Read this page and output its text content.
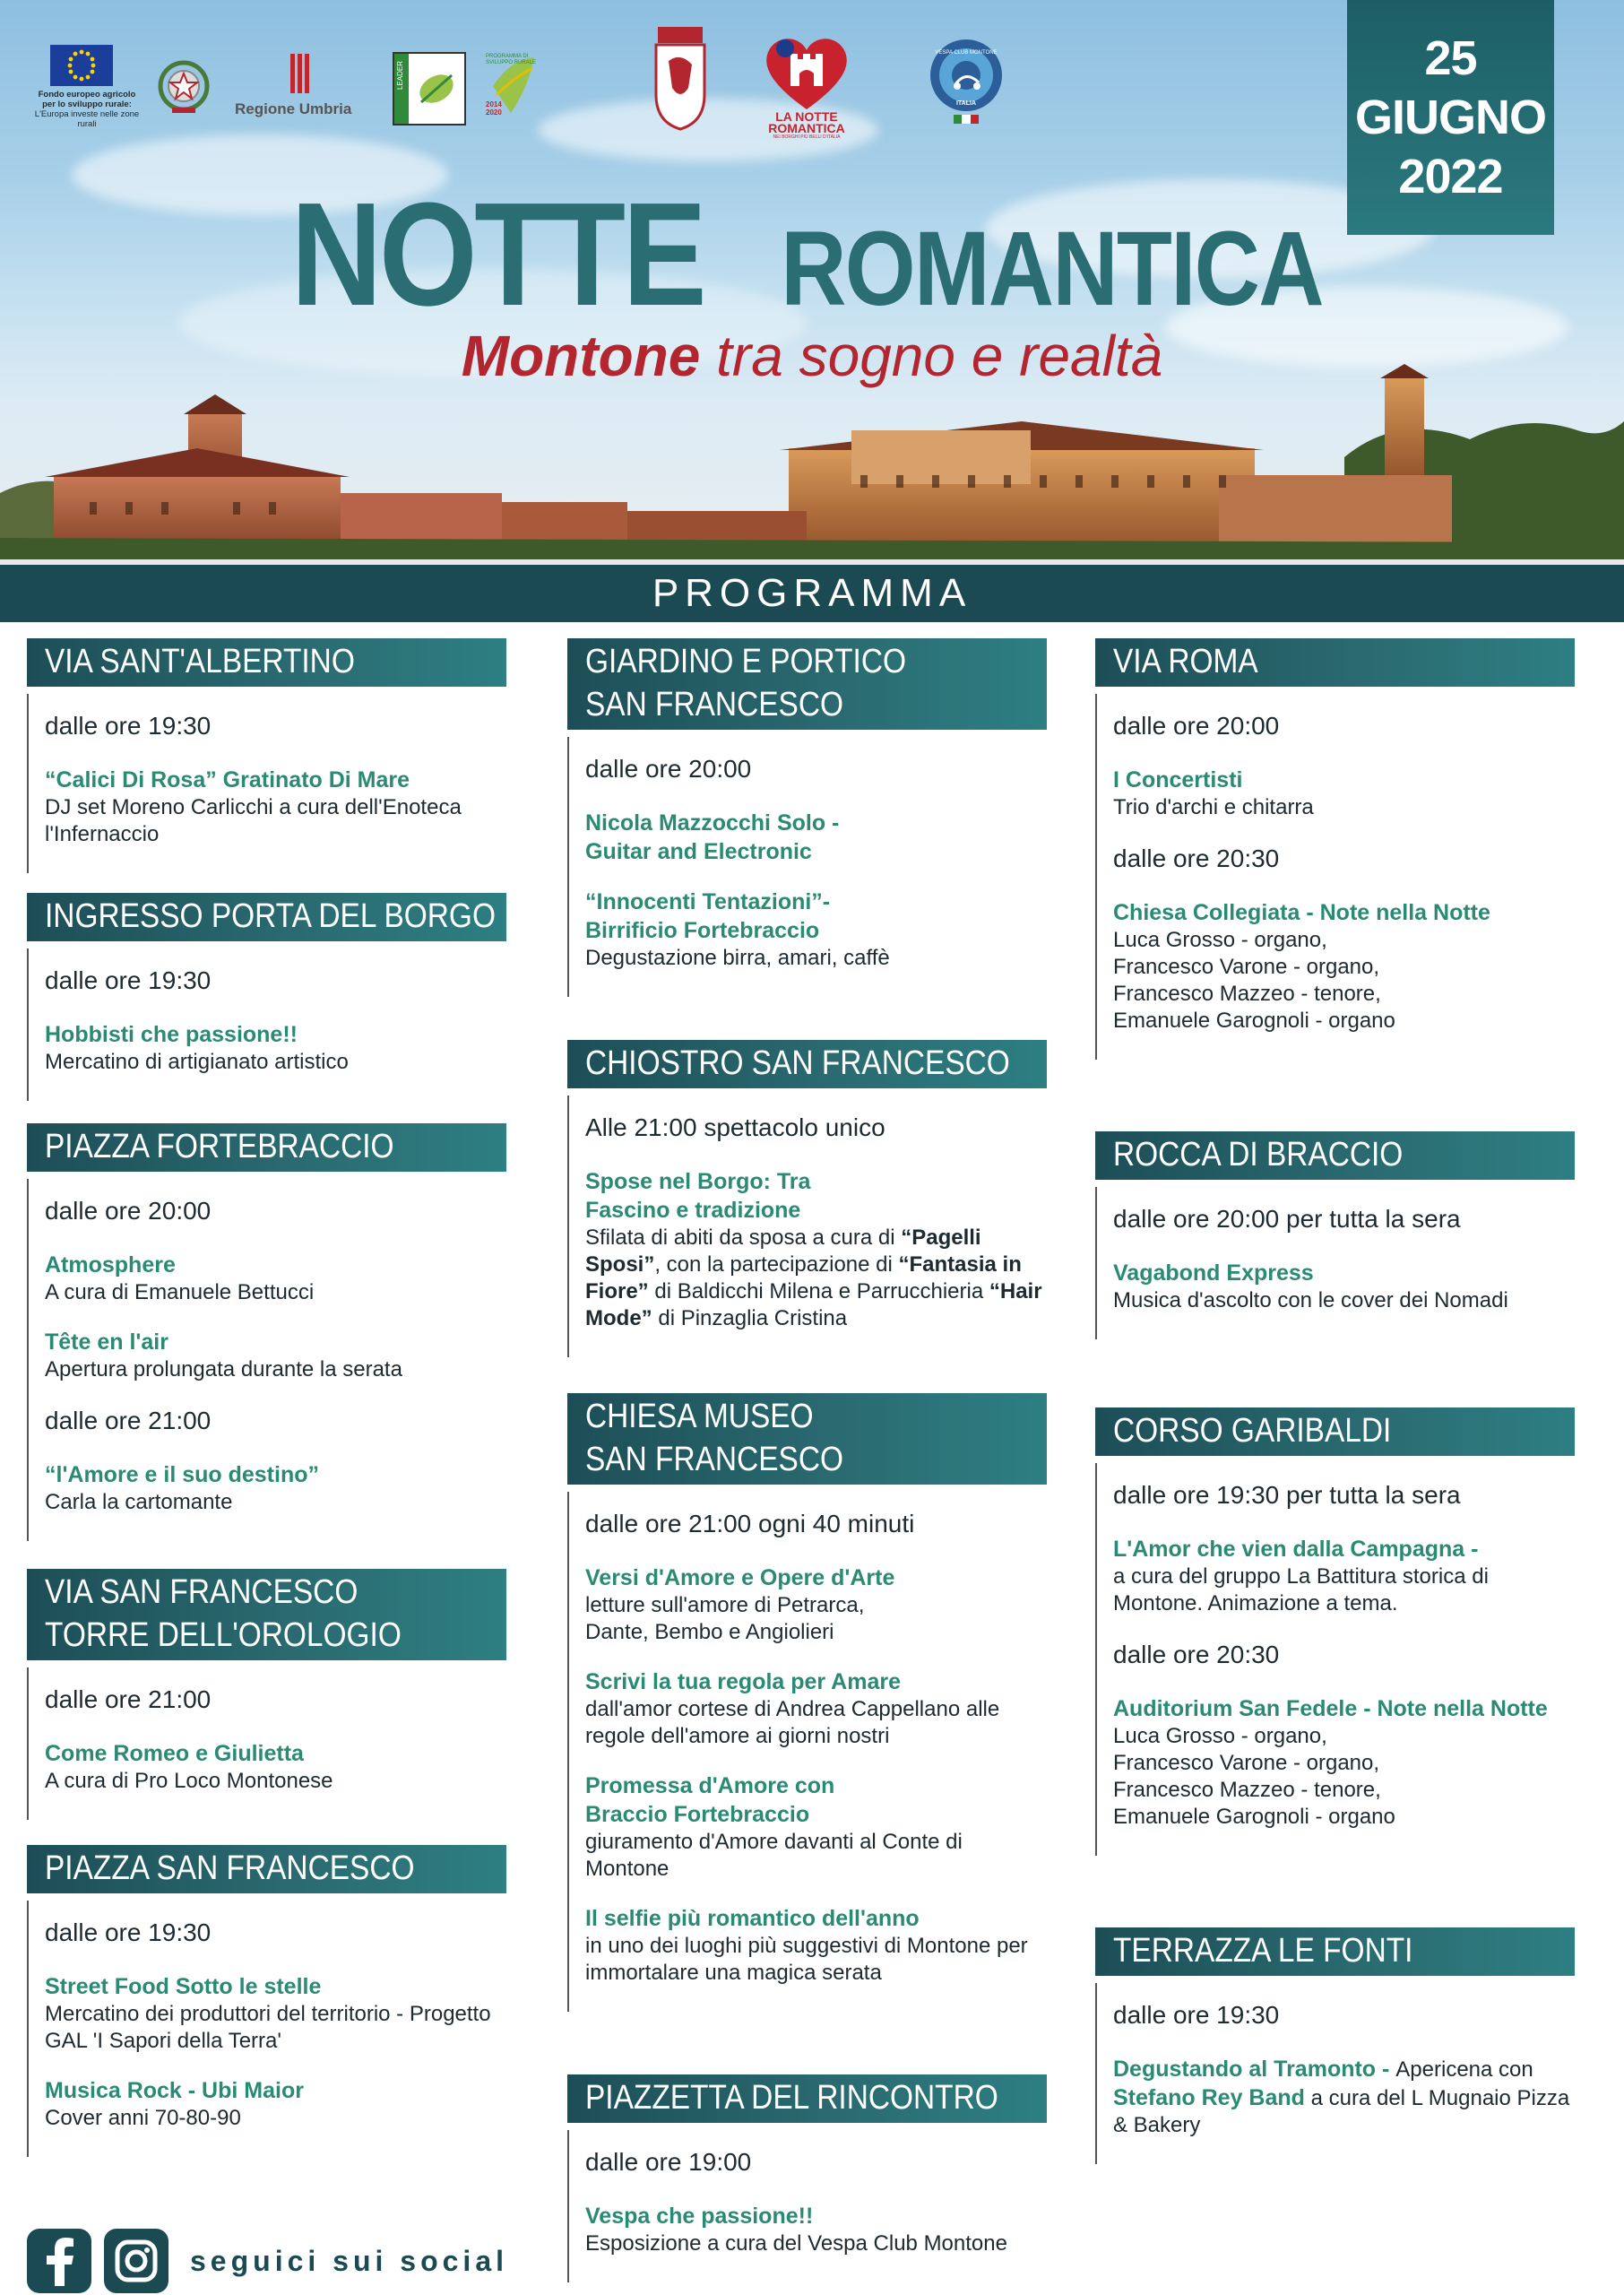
Fondo europeo agricolo
per lo sviluppo rurale:
L'Europa investe nelle zone rurali
Regione Umbria
LEADER
PROGRAMMA DI
SVILUPPO RURALE
2014
2020	LA NOTTE
ROMANTICA
NEI BORGHI PIÙ BELLI D'ITALIA
VESPA CLUB MONTONE
ITALIA
25
GIUGNO
2022
NOTTE ROMANTICA
Montone tra sogno e realtà
PROGRAMMA
VIA SANT'ALBERTINO
dalle ore 19:30
“Calici Di Rosa” Gratinato Di Mare
DJ set Moreno Carlicchi a cura dell'Enoteca l'Infernaccio
INGRESSO PORTA DEL BORGO
dalle ore 19:30
Hobbisti che passione!!
Mercatino di artigianato artistico
PIAZZA FORTEBRACCIO
dalle ore 20:00
Atmosphere
A cura di Emanuele Bettucci
Tête en l'air
Apertura prolungata durante la serata
dalle ore 21:00
“l'Amore e il suo destino”
Carla la cartomante
VIA SAN FRANCESCO
TORRE DELL'OROLOGIO
dalle ore 21:00
Come Romeo e Giulietta
A cura di Pro Loco Montonese
PIAZZA SAN FRANCESCO
dalle ore 19:30
Street Food Sotto le stelle
Mercatino dei produttori del territorio - Progetto GAL 'I Sapori della Terra'
Musica Rock - Ubi Maior
Cover anni 70-80-90
GIARDINO E PORTICO
SAN FRANCESCO
dalle ore 20:00
Nicola Mazzocchi Solo - Guitar and Electronic
“Innocenti Tentazioni”- Birrificio Fortebraccio
Degustazione birra, amari, caffè
CHIOSTRO SAN FRANCESCO
Alle 21:00 spettacolo unico
Spose nel Borgo: Tra Fascino e tradizione
Sfilata di abiti da sposa a cura di “Pagelli Sposi”, con la partecipazione di “Fantasia in Fiore” di Baldicchi Milena e Parrucchieria “Hair Mode” di Pinzaglia Cristina
CHIESA MUSEO
SAN FRANCESCO
dalle ore 21:00 ogni 40 minuti
Versi d'Amore e Opere d'Arte
letture sull'amore di Petrarca, Dante, Bembo e Angiolieri
Scrivi la tua regola per Amare
dall'amor cortese di Andrea Cappellano alle regole dell'amore ai giorni nostri
Promessa d'Amore con Braccio Fortebraccio
giuramento d'Amore davanti al Conte di Montone
Il selfie più romantico dell'anno
in uno dei luoghi più suggestivi di Montone per immortalare una magica serata
PIAZZETTA DEL RINCONTRO
dalle ore 19:00
Vespa che passione!!
Esposizione a cura del Vespa Club Montone
VIA ROMA
dalle ore 20:00
I Concertisti
Trio d'archi e chitarra
dalle ore 20:30
Chiesa Collegiata - Note nella Notte
Luca Grosso - organo, Francesco Varone - organo, Francesco Mazzeo - tenore, Emanuele Garognoli - organo
ROCCA DI BRACCIO
dalle ore 20:00 per tutta la sera
Vagabond Express
Musica d'ascolto con le cover dei Nomadi
CORSO GARIBALDI
dalle ore 19:30 per tutta la sera
L'Amor che vien dalla Campagna -
a cura del gruppo La Battitura storica di Montone. Animazione a tema.
dalle ore 20:30
Auditorium San Fedele - Note nella Notte
Luca Grosso - organo, Francesco Varone - organo, Francesco Mazzeo - tenore, Emanuele Garognoli - organo
TERRAZZA LE FONTI
dalle ore 19:30
Degustando al Tramonto - Apericena con Stefano Rey Band a cura del L Mugnaio Pizza & Bakery
seguici sui social
